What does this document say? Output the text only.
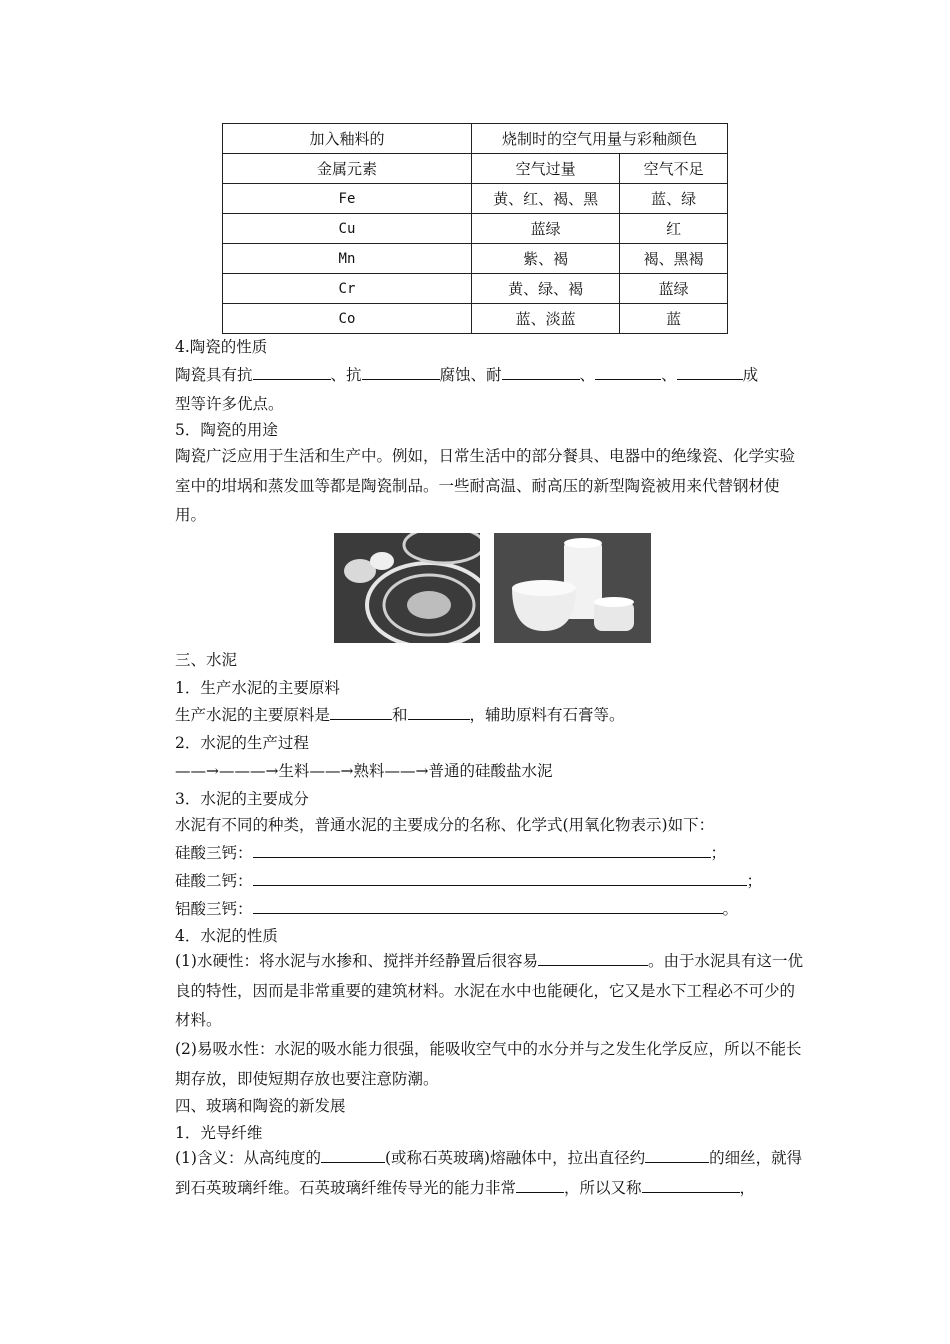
加入釉料的	烧制时的空气用量与彩釉颜色	
金属元素	空气过量	空气不足
Fe	黄、红、褐、黑	蓝、绿
Cu	蓝绿	红
Mn	紫、褐	褐、黑褐
Cr	黄、绿、褐	蓝绿
Co	蓝、淡蓝	蓝
4.陶瓷的性质
陶瓷具有抗	、抗	腐蚀、耐	、	、	成
型等许多优点。
5．陶瓷的用途
陶瓷广泛应用于生活和生产中。例如，日常生活中的部分餐具、电器中的绝缘瓷、化学实验室中的坩埚和蒸发皿等都是陶瓷制品。一些耐高温、耐高压的新型陶瓷被用来代替钢材使用。
三、水泥
1．生产水泥的主要原料
生产水泥的主要原料是	和	，辅助原料有石膏等。
2．水泥的生产过程
——→———→生料——→熟料——→普通的硅酸盐水泥
3．水泥的主要成分
水泥有不同的种类，普通水泥的主要成分的名称、化学式(用氧化物表示)如下：
硅酸三钙：	；
硅酸二钙：	；
铝酸三钙：	。
4．水泥的性质
(1)水硬性：将水泥与水掺和、搅拌并经静置后很容易	。由于水泥具有这一优良的特性，因而是非常重要的建筑材料。水泥在水中也能硬化，它又是水下工程必不可少的材料。
(2)易吸水性：水泥的吸水能力很强，能吸收空气中的水分并与之发生化学反应，所以不能长期存放，即使短期存放也要注意防潮。
四、玻璃和陶瓷的新发展
1．光导纤维
(1)含义：从高纯度的	(或称石英玻璃)熔融体中，拉出直径约	的细丝，就得到石英玻璃纤维。石英玻璃纤维传导光的能力非常	，所以又称	，
